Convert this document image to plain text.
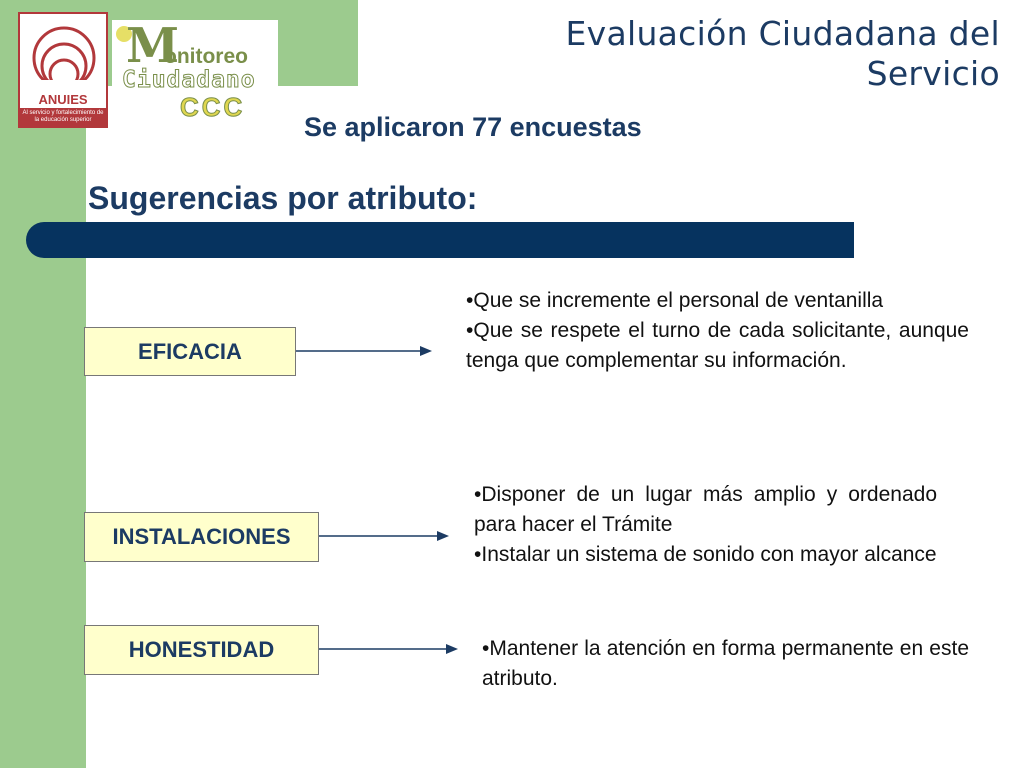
ANUIES
Al servicio y fortalecimiento de la educación superior
M
onitoreo
Ciudadano
CCC
Evaluación Ciudadana del
Servicio
Se aplicaron 77 encuestas
Sugerencias por atributo:
EFICACIA
• Que se incremente el personal de ventanilla
• Que se respete el turno de cada solicitante, aunque tenga que complementar su información.
INSTALACIONES
• Disponer de un lugar más amplio y ordenado para hacer el Trámite
• Instalar un sistema de sonido con mayor alcance
HONESTIDAD
•	Mantener la atención en forma permanente en este atributo.
